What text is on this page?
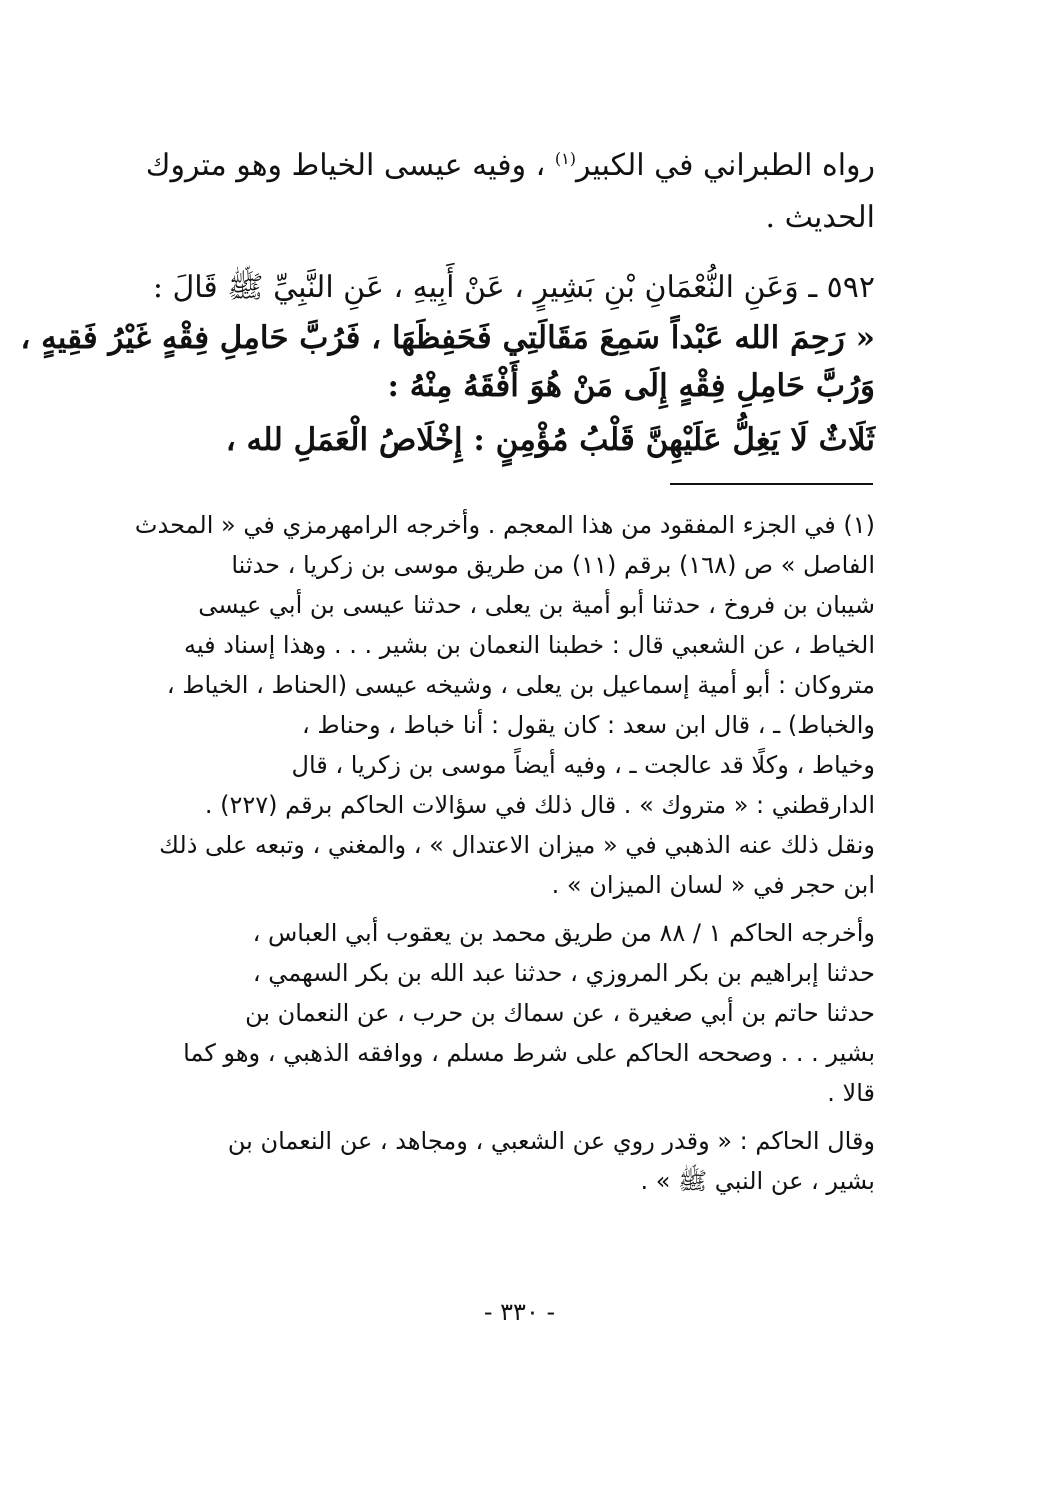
رواه الطبراني في الكبير$^{(١)}$ ، وفيه عيسى الخياط وهو متروك
الحديث .
٥٩٢ ـ وَعَنِ النُّعْمَانِ بْنِ بَشِيرٍ ، عَنْ أَبِيهِ ، عَنِ النَّبِيِّ ﷺ قَالَ :
« رَحِمَ الله عَبْداً سَمِعَ مَقَالَتِي فَحَفِظَهَا ، فَرُبَّ حَامِلِ فِقْهٍ غَيْرُ فَقِيهٍ ،
وَرُبَّ حَامِلِ فِقْهٍ إِلَى مَنْ هُوَ أَفْقَهُ مِنْهُ :
ثَلَاثٌ لَا يَغِلُّ عَلَيْهِنَّ قَلْبُ مُؤْمِنٍ : إِخْلَاصُ الْعَمَلِ لله ،
(١) في الجزء المفقود من هذا المعجم . وأخرجه الرامهرمزي في « المحدث
الفاصل » ص (١٦٨) برقم (١١) من طريق موسى بن زكريا ، حدثنا
شيبان بن فروخ ، حدثنا أبو أمية بن يعلى ، حدثنا عيسى بن أبي عيسى
الخياط ، عن الشعبي قال : خطبنا النعمان بن بشير . . . وهذا إسناد فيه
متروكان : أبو أمية إسماعيل بن يعلى ، وشيخه عيسى (الحناط ، الخياط ،
والخباط) ـ ، قال ابن سعد : كان يقول : أنا خباط ، وحناط ،
وخياط ، وكلًا قد عالجت ـ ، وفيه أيضاً موسى بن زكريا ، قال
الدارقطني : « متروك » . قال ذلك في سؤالات الحاكم برقم (٢٢٧) .
ونقل ذلك عنه الذهبي في « ميزان الاعتدال » ، والمغني ، وتبعه على ذلك
ابن حجر في « لسان الميزان » .
وأخرجه الحاكم ١ / ٨٨ من طريق محمد بن يعقوب أبي العباس ،
حدثنا إبراهيم بن بكر المروزي ، حدثنا عبد الله بن بكر السهمي ،
حدثنا حاتم بن أبي صغيرة ، عن سماك بن حرب ، عن النعمان بن
بشير . . . وصححه الحاكم على شرط مسلم ، ووافقه الذهبي ، وهو كما
قالا .
وقال الحاكم : « وقدر روي عن الشعبي ، ومجاهد ، عن النعمان بن
بشير ، عن النبي ﷺ » .
- ٣٣٠ -
